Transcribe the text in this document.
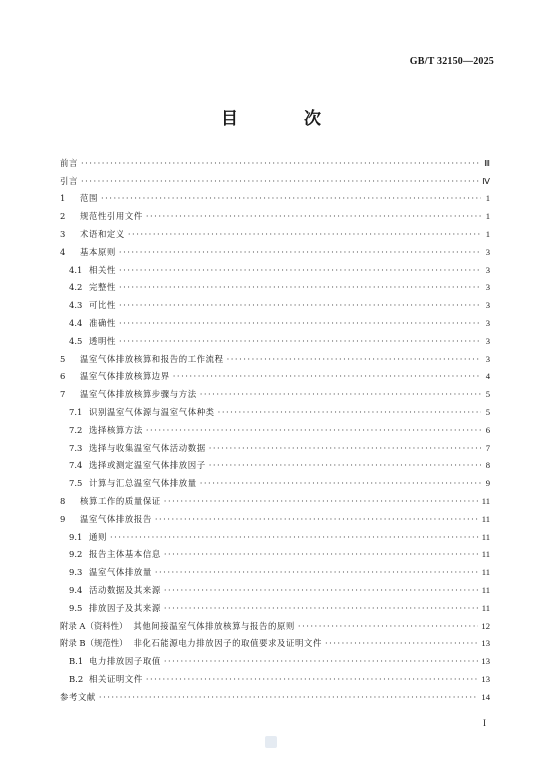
GB/T 32150—2025
目 次
前言 ·····	Ⅲ
引言 ·····	Ⅳ
1	范围 ·····	1
2	规范性引用文件 ·····	1
3	术语和定义 ·····	1
4	基本原则 ·····	3
4.1 相关性 ·····	3
4.2 完整性 ·····	3
4.3 可比性 ·····	3
4.4 准确性 ·····	3
4.5 透明性 ·····	3
5	温室气体排放核算和报告的工作流程 ·····	3
6	温室气体排放核算边界 ·····	4
7	温室气体排放核算步骤与方法 ·····	5
7.1 识别温室气体源与温室气体种类 ·····	5
7.2 选择核算方法 ·····	6
7.3 选择与收集温室气体活动数据 ·····	7
7.4 选择或测定温室气体排放因子 ·····	8
7.5 计算与汇总温室气体排放量 ·····	9
8	核算工作的质量保证 ·····	11
9	温室气体排放报告 ·····	11
9.1 通则 ·····	11
9.2 报告主体基本信息 ·····	11
9.3 温室气体排放量 ·····	11
9.4 活动数据及其来源 ·····	11
9.5 排放因子及其来源 ·····	11
附录 A（资料性） 其他间接温室气体排放核算与报告的原则 ·····	12
附录 B（规范性） 非化石能源电力排放因子的取值要求及证明文件 ·····	13
B.1 电力排放因子取值 ·····	13
B.2 相关证明文件 ·····	13
参考文献 ·····	14
I
